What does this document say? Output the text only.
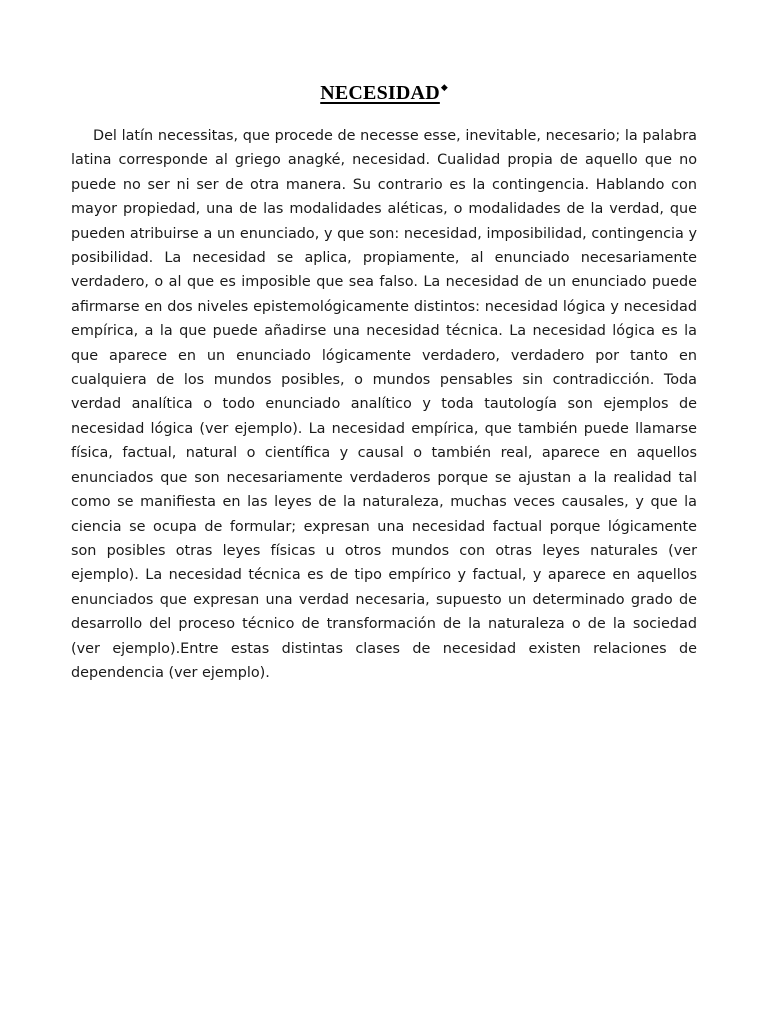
NECESIDAD◆

Del latín necessitas, que procede de necesse esse, inevitable, necesario; la palabra latina corresponde al griego anagké, necesidad. Cualidad propia de aquello que no puede no ser ni ser de otra manera. Su contrario es la contingencia. Hablando con mayor propiedad, una de las modalidades aléticas, o modalidades de la verdad, que pueden atribuirse a un enunciado, y que son: necesidad, imposibilidad, contingencia y posibilidad. La necesidad se aplica, propiamente, al enunciado necesariamente verdadero, o al que es imposible que sea falso. La necesidad de un enunciado puede afirmarse en dos niveles epistemológicamente distintos: necesidad lógica y necesidad empírica, a la que puede añadirse una necesidad técnica. La necesidad lógica es la que aparece en un enunciado lógicamente verdadero, verdadero por tanto en cualquiera de los mundos posibles, o mundos pensables sin contradicción. Toda verdad analítica o todo enunciado analítico y toda tautología son ejemplos de necesidad lógica (ver ejemplo). La necesidad empírica, que también puede llamarse física, factual, natural o científica y causal o también real, aparece en aquellos enunciados que son necesariamente verdaderos porque se ajustan a la realidad tal como se manifiesta en las leyes de la naturaleza, muchas veces causales, y que la ciencia se ocupa de formular; expresan una necesidad factual porque lógicamente son posibles otras leyes físicas u otros mundos con otras leyes naturales (ver ejemplo). La necesidad técnica es de tipo empírico y factual, y aparece en aquellos enunciados que expresan una verdad necesaria, supuesto un determinado grado de desarrollo del proceso técnico de transformación de la naturaleza o de la sociedad (ver ejemplo).Entre estas distintas clases de necesidad existen relaciones de dependencia (ver ejemplo).
